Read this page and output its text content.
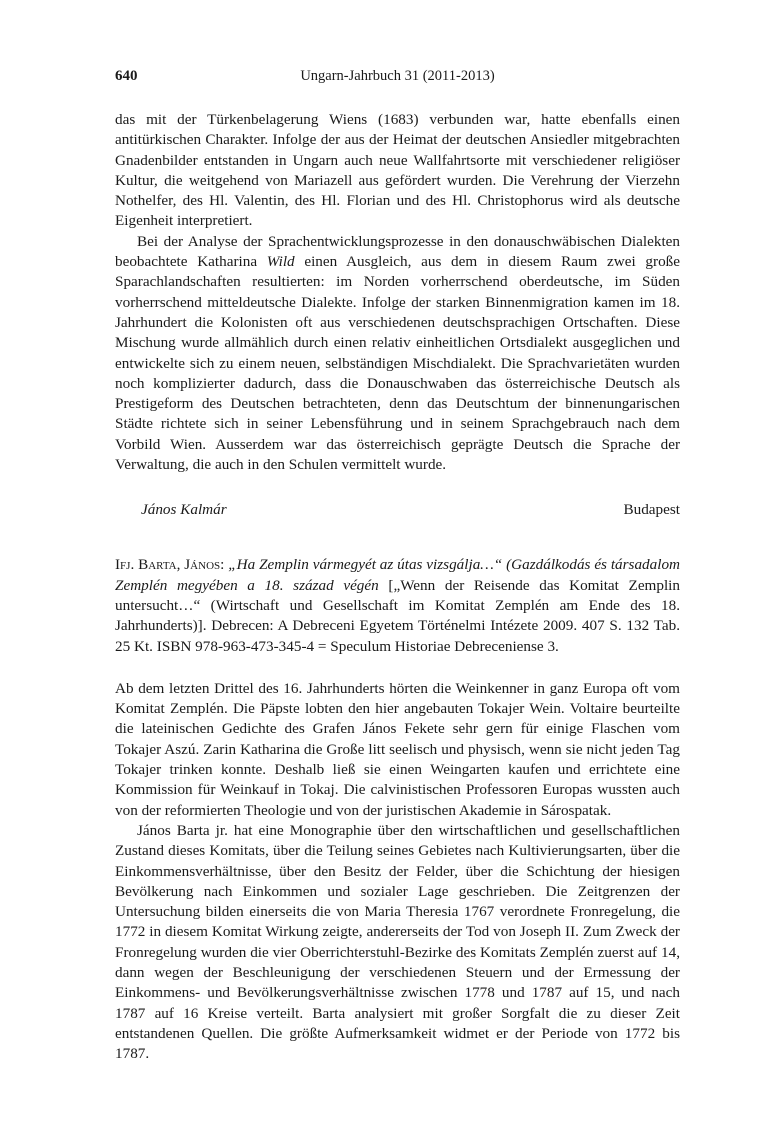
640	Ungarn-Jahrbuch 31 (2011-2013)

das mit der Türkenbelagerung Wiens (1683) verbunden war, hatte ebenfalls einen antitürkischen Charakter. Infolge der aus der Heimat der deutschen Ansiedler mitgebrachten Gnadenbilder entstanden in Ungarn auch neue Wallfahrtsorte mit verschiedener religiöser Kultur, die weitgehend von Mariazell aus gefördert wurden. Die Verehrung der Vierzehn Nothelfer, des Hl. Valentin, des Hl. Florian und des Hl. Christophorus wird als deutsche Eigenheit interpretiert.

Bei der Analyse der Sprachentwicklungsprozesse in den donauschwäbischen Dialekten beobachtete Katharina Wild einen Ausgleich, aus dem in diesem Raum zwei große Sparachlandschaften resultierten: im Norden vorherrschend oberdeutsche, im Süden vorherrschend mitteldeutsche Dialekte. Infolge der starken Binnenmigration kamen im 18. Jahrhundert die Kolonisten oft aus verschiedenen deutschsprachigen Ortschaften. Diese Mischung wurde allmählich durch einen relativ einheitlichen Ortsdialekt ausgeglichen und entwickelte sich zu einem neuen, selbständigen Mischdialekt. Die Sprachvarietäten wurden noch komplizierter dadurch, dass die Donauschwaben das österreichische Deutsch als Prestigeform des Deutschen betrachteten, denn das Deutschtum der binnenungarischen Städte richtete sich in seiner Lebensführung und in seinem Sprachgebrauch nach dem Vorbild Wien. Ausserdem war das österreichisch geprägte Deutsch die Sprache der Verwaltung, die auch in den Schulen vermittelt wurde.

János Kalmár	Budapest
Ifj. Barta, János: „Ha Zemplin vármegyét az útas vizsgálja…“ (Gazdálkodás és társadalom Zemplén megyében a 18. század végén [„Wenn der Reisende das Komitat Zemplin untersucht…“ (Wirtschaft und Gesellschaft im Komitat Zemplén am Ende des 18. Jahrhunderts)]. Debrecen: A Debreceni Egyetem Történelmi Intézete 2009. 407 S. 132 Tab. 25 Kt. ISBN 978-963-473-345-4 = Speculum Historiae Debreceniense 3.

Ab dem letzten Drittel des 16. Jahrhunderts hörten die Weinkenner in ganz Europa oft vom Komitat Zemplén. Die Päpste lobten den hier angebauten Tokajer Wein. Voltaire beurteilte die lateinischen Gedichte des Grafen János Fekete sehr gern für einige Flaschen vom Tokajer Aszú. Zarin Katharina die Große litt seelisch und physisch, wenn sie nicht jeden Tag Tokajer trinken konnte. Deshalb ließ sie einen Weingarten kaufen und errichtete eine Kommission für Weinkauf in Tokaj. Die calvinistischen Professoren Europas wussten auch von der reformierten Theologie und von der juristischen Akademie in Sárospatak.

János Barta jr. hat eine Monographie über den wirtschaftlichen und gesellschaftlichen Zustand dieses Komitats, über die Teilung seines Gebietes nach Kultivierungsarten, über die Einkommensverhältnisse, über den Besitz der Felder, über die Schichtung der hiesigen Bevölkerung nach Einkommen und sozialer Lage geschrieben. Die Zeitgrenzen der Untersuchung bilden einerseits die von Maria Theresia 1767 verordnete Fronregelung, die 1772 in diesem Komitat Wirkung zeigte, andererseits der Tod von Joseph II. Zum Zweck der Fronregelung wurden die vier Oberrichterstuhl-Bezirke des Komitats Zemplén zuerst auf 14, dann wegen der Beschleunigung der verschiedenen Steuern und der Ermessung der Einkommens- und Bevölkerungsverhältnisse zwischen 1778 und 1787 auf 15, und nach 1787 auf 16 Kreise verteilt. Barta analysiert mit großer Sorgfalt die zu dieser Zeit entstandenen Quellen. Die größte Aufmerksamkeit widmet er der Periode von 1772 bis 1787.
